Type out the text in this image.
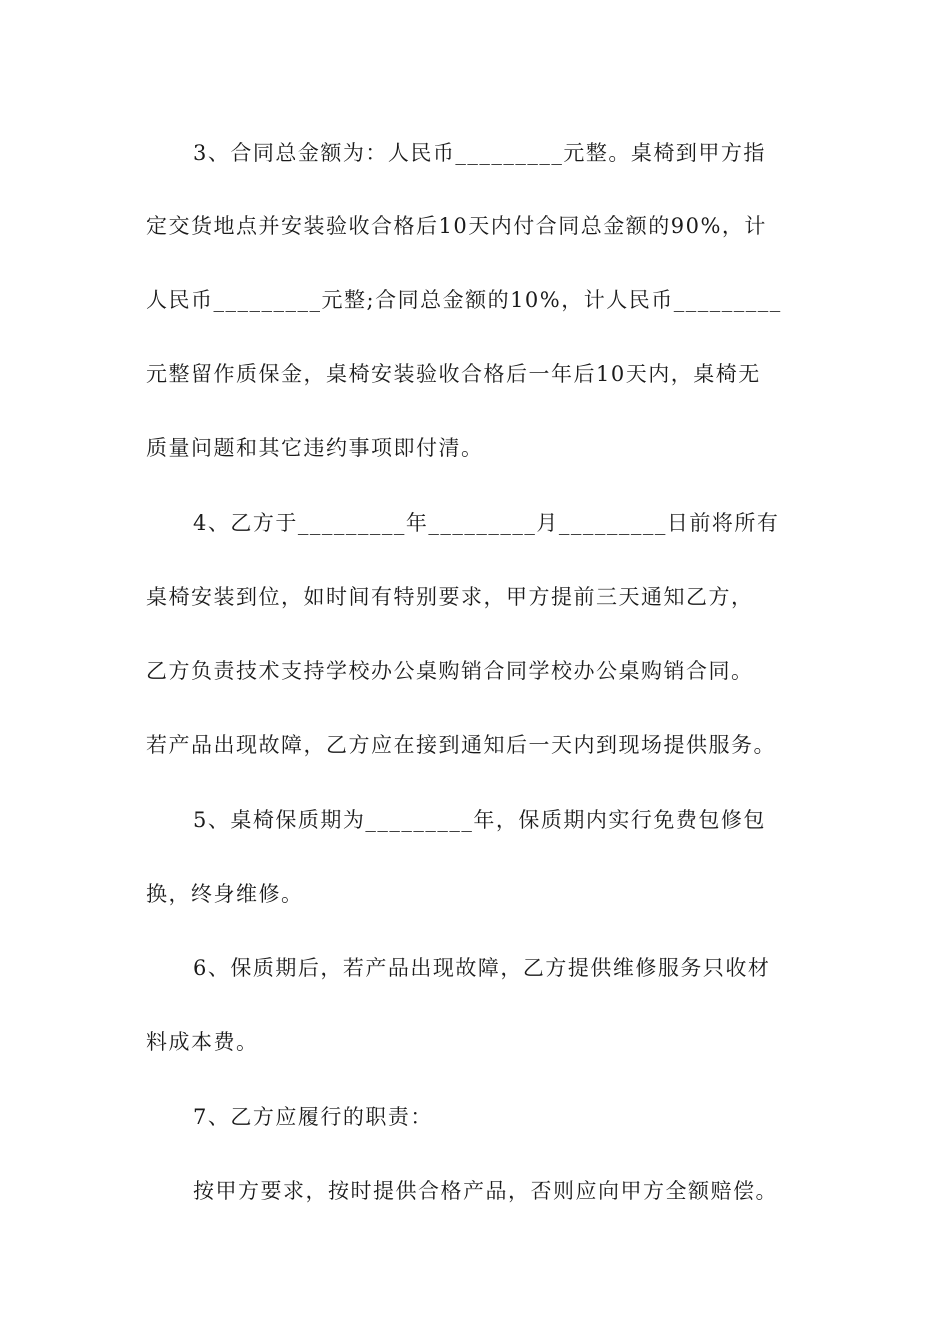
3、合同总金额为：人民币_________元整。桌椅到甲方指
定交货地点并安装验收合格后10天内付合同总金额的90%，计
人民币_________元整;合同总金额的10%，计人民币_________
元整留作质保金，桌椅安装验收合格后一年后10天内，桌椅无
质量问题和其它违约事项即付清。
4、乙方于_________年_________月_________日前将所有
桌椅安装到位，如时间有特别要求，甲方提前三天通知乙方，
乙方负责技术支持学校办公桌购销合同学校办公桌购销合同。
若产品出现故障，乙方应在接到通知后一天内到现场提供服务。
5、桌椅保质期为_________年，保质期内实行免费包修包
换，终身维修。
6、保质期后，若产品出现故障，乙方提供维修服务只收材
料成本费。
7、乙方应履行的职责：
按甲方要求，按时提供合格产品，否则应向甲方全额赔偿。
